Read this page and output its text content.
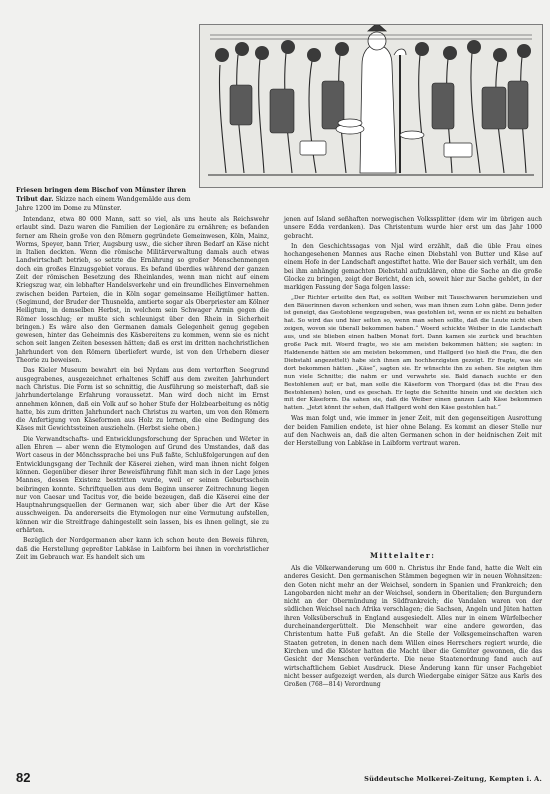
Friesen bringen dem Bischof von Münster ihren Tribut dar. Skizze nach einem Wandgemälde aus dem Jahre 1200 im Dome zu Münster.

Intendanz, etwa 80 000 Mann, satt so viel, als uns heute als Reichswehr erlaubt sind. Dazu waren die Familien der Legionäre zu ernähren; es befanden ferner am Rhein große von den Römern gegründete Gemeinwesen, Köln, Mainz, Worms, Speyer, bann Trier, Augsburg usw., die sicher ihren Bedarf an Käse nicht in Italien deckten. Wenn die römische Militärverwaltung damals auch etwas Landwirtschaft betrieb, so setzte die Ernährung so großer Menschenmengen doch ein großes Einzugsgebiet voraus. Es befand überdies während der ganzen Zeit der römischen Besetzung des Rheinlandes, wenn man nicht auf einem Kriegszug war, ein lebhafter Handelsverkehr und ein freundliches Einvernehmen zwischen beiden Parteien, die in Köln sogar gemeinsame Heiligtümer hatten. (Segimund, der Bruder der Thusnelda, amtierte sogar als Oberpriester am Kölner Heiligtum, in demselben Herbst, in welchem sein Schwager Armin gegen die Römer losschlug; er mußte sich schleunigst über den Rhein in Sicherheit bringen.) Es wäre also den Germanen damals Gelegenheit genug gegeben gewesen, hinter das Geheimnis des Käsbereitens zu kommen, wenn sie es nicht schon seit langen Zeiten besessen hätten; daß es erst im dritten nachchristlichen Jahrhundert von den Römern überliefert wurde, ist von den Urhebern dieser Theorie zu beweisen.

Das Kieler Museum bewahrt ein bei Nydam aus dem vertorften Seegrund ausgegrabenes, ausgezeichnet erhaltenes Schiff aus dem zweiten Jahrhundert nach Christus. Die Form ist so schnittig, die Ausführung so meisterhaft, daß sie jahrhundertelange Erfahrung voraussetzt. Man wird doch nicht im Ernst annehmen können, daß ein Volk auf so hoher Stufe der Holzbearbeitung es nötig hatte, bis zum dritten Jahrhundert nach Christus zu warten, um von den Römern die Anfertigung von Käseformen aus Holz zu lernen, die eine Bedingung des Käses mit Gewichtssteinen auszieheln. (Herbst siehe oben.)

Die Verwandtschafts- und Entwicklungsforschung der Sprachen und Wörter in allen Ehren — aber wenn die Etymologen auf Grund des Umstandes, daß das Wort caseus in der Mönchssprache bei uns Fuß faßte, Schlußfolgerungen auf den Entwicklungsgang der Technik der Käserei ziehen, wird man ihnen nicht folgen können. Gegenüber dieser ihrer Beweisführung fühlt man sich in der Lage jenes Mannes, dessen Existenz bestritten wurde, weil er seinen Geburtsschein beibringen konnte. Schriftquellen aus dem Beginn unserer Zeitrechnung liegen nur von Caesar und Tacitus vor, die beide bezeugen, daß die Käserei eine der Hauptnahrungsquellen der Germanen war, sich aber über die Art der Käse ausschweigen. Da andererseits die Etymologen nur eine Vermutung aufstellen, können wir die Streitfrage dahingestellt sein lassen, bis es ihnen gelingt, sie zu erhärten.

Bezüglich der Nordgermanen aber kann ich schon heute den Beweis führen, daß die Herstellung gepreßter Labkäse in Laibform bei ihnen in vorchristlicher Zeit im Gebrauch war. Es handelt sich um

jenen auf Island seßhaften norwegischen Volkssplitter (dem wir im übrigen auch unsere Edda verdanken). Das Christentum wurde hier erst um das Jahr 1000 gebracht.

In den Geschichtssagas von Njal wird erzählt, daß die üble Frau eines hochangesehenen Mannes aus Rache einen Diebstahl von Butter und Käse auf einem Hofe in der Landschaft angestiftet hatte. Wie der Bauer sich verhält, um den bei ihm anhängig gemachten Diebstahl aufzuklären, ohne die Sache an die große Glocke zu bringen, zeigt der Bericht, den ich, soweit hier zur Sache gehört, in der markigen Fassung der Saga folgen lasse:

„Der Richter erteilte den Rat, es sollten Weiber mit Tauschwaren herumziehen und den Bäuerinnen davon schenken und sehen, was man ihnen zum Lohn gäbe. Denn jeder ist geneigt, das Gestohlene wegzugeben, was gestohlen ist, wenn er es nicht zu behalten hat. So wird das und hier selten so, wenn man sehen sollte, daß die Leute nicht eben zeigen, wovon sie überall bekommen haben.“ Woerd schickte Weiber in die Landschaft aus, und sie blieben einen halben Monat fort. Dann kamen sie zurück und brachten große Pack mit. Woerd fragte, wo sie am meisten bekommen hätten; sie sagten: in Haldenende hätten sie am meisten bekommen, und Hallgerd (so hieß die Frau, die den Diebstahl angezettelt) habe sich ihnen am hochherzigsten gezeigt. Er fragte, was sie dort bekommen hätten. „Käse“, sagten sie. Er wünschte ihn zu sehen. Sie zeigten ihm nun viele Schnitte; die nahm er und verwahrte sie. Bald danach suchte er den Bestohlenen auf; er bat, man solle die Käseform von Thorgard (das ist die Frau des Bestohlenen) holen, und es geschah. Er legte die Schnitte hinein und sie deckten sich mit der Käseform. Da sahen sie, daß die Weiber einen ganzen Laib Käse bekommen hatten. „Jetzt könnt ihr sehen, daß Hallgerd wohl den Käse gestohlen hat.“

Was man folgt und, wie immer in jener Zeit, mit den gegenseitigen Ausrottung der beiden Familien endete, ist hier ohne Belang. Es kommt an dieser Stelle nur auf den Nachweis an, daß die alten Germanen schon in der heidnischen Zeit mit der Herstellung von Labkäse in Laibform vertraut waren.

Mittelalter:

Als die Völkerwanderung um 600 n. Christus ihr Ende fand, hatte die Welt ein anderes Gesicht. Den germanischen Stämmen begegnen wir in neuen Wohnsitzen: den Goten nicht mehr an der Weichsel, sondern in Spanien und Frankreich; den Langobarden nicht mehr an der Weichsel, sondern in Oberitalien; den Burgundern nicht an der Obermündung in Südfrankreich; die Vandalen waren von der südlichen Weichsel nach Afrika verschlagen; die Sachsen, Angeln und Jüten hatten ihren Volksüberschuß in England ausgesiedelt. Alles nur in einem Würfelbecher durcheinandergerüttelt. Die Menschheit war eine andere geworden, das Christentum hatte Fuß gefaßt. An die Stelle der Volksgemeinschaften waren Staaten getreten, in denen nach dem Willen eines Herrschers regiert wurde, die Kirchen und die Klöster hatten die Macht über die Gemüter gewonnen, die das Gesicht der Menschen veränderte. Die neue Staatenordnung fand auch auf wirtschaftlichem Gebiet Ausdruck. Diese Änderung kann für unser Fachgebiet nicht besser aufgezeigt werden, als durch Wiedergabe einiger Sätze aus Karls des Großen (768—814) Verordnung

82	Süddeutsche Molkerei-Zeitung, Kempten i. A.
